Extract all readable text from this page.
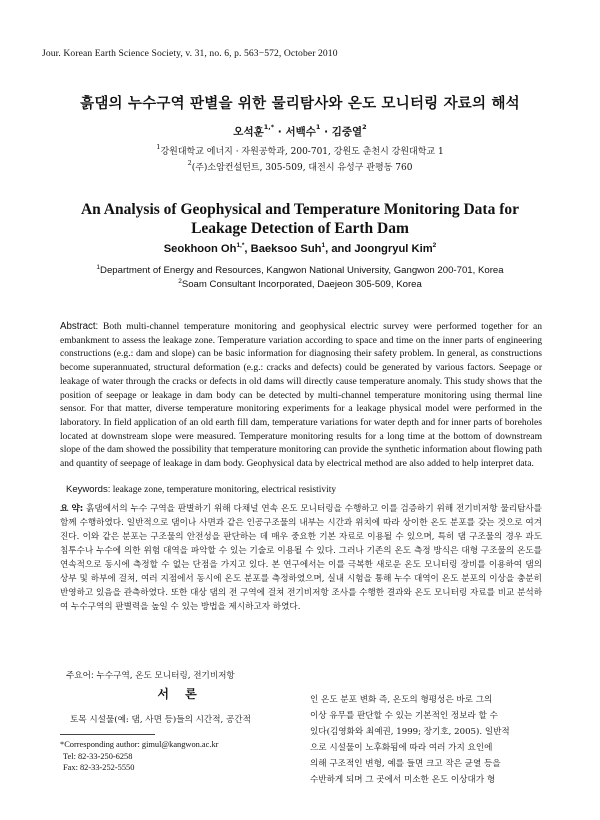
Jour. Korean Earth Science Society, v. 31, no. 6, p. 563−572, October 2010
흙댐의 누수구역 판별을 위한 물리탐사와 온도 모니터링 자료의 해석
오석훈$^{1,*}$ · 서백수$^1$ · 김중열$^2$
$^1$강원대학교 에너지 · 자원공학과, 200-701, 강원도 춘천시 강원대학교 1
$^2$(주)소암컨설턴트, 305-509, 대전시 유성구 관평동 760
An Analysis of Geophysical and Temperature Monitoring Data for
Leakage Detection of Earth Dam
Seokhoon $Oh^{1,*}$, Baeksoo Suh$^1$, and Joongryul Kim$^2$
$^1$Department of Energy and Resources, Kangwon National University, Gangwon 200-701, Korea
$^2$Soam Consultant Incorporated, Daejeon 305-509, Korea
Abstract: Both multi-channel temperature monitoring and geophysical electric survey were performed together for an embankment to assess the leakage zone. Temperature variation according to space and time on the inner parts of engineering constructions (e.g.: dam and slope) can be basic information for diagnosing their safety problem. In general, as constructions become superannuated, structural deformation (e.g.: cracks and defects) could be generated by various factors. Seepage or leakage of water through the cracks or defects in old dams will directly cause temperature anomaly. This study shows that the position of seepage or leakage in dam body can be detected by multi-channel temperature monitoring using thermal line sensor. For that matter, diverse temperature monitoring experiments for a leakage physical model were performed in the laboratory. In field application of an old earth fill dam, temperature variations for water depth and for inner parts of boreholes located at downstream slope were measured. Temperature monitoring results for a long time at the bottom of downstream slope of the dam showed the possibility that temperature monitoring can provide the synthetic information about flowing path and quantity of seepage of leakage in dam body. Geophysical data by electrical method are also added to help interpret data.
Keywords: leakage zone, temperature monitoring, electrical resistivity
요 약: 흙댐에서의 누수 구역을 판별하기 위해 다채널 연속 온도 모니터링을 수행하고 이를 검증하기 위해 전기비저항 물리탐사를 함께 수행하였다. 일반적으로 댐이나 사면과 같은 인공구조물의 내부는 시간과 위치에 따라 상이한 온도 분포를 갖는 것으로 여겨진다. 이와 같은 분포는 구조물의 안전성을 판단하는 데 매우 중요한 기본 자료로 이용될 수 있으며, 특히 댐 구조물의 경우 과도 침투수나 누수에 의한 위험 대역을 파악할 수 있는 기술로 이용될 수 있다. 그러나 기존의 온도 측정 방식은 대형 구조물의 온도를 연속적으로 동시에 측정할 수 없는 단점을 가지고 있다. 본 연구에서는 이를 극복한 새로운 온도 모니터링 장비를 이용하여 댐의 상부 및 하부에 걸쳐, 여러 지점에서 동시에 온도 분포를 측정하였으며, 실내 시험을 통해 누수 대역이 온도 분포의 이상을 충분히 반영하고 있음을 관측하였다. 또한 대상 댐의 전 구역에 걸쳐 전기비저항 조사를 수행한 결과와 온도 모니터링 자료를 비교 분석하여 누수구역의 판별력을 높일 수 있는 방법을 제시하고자 하였다.
주요어: 누수구역, 온도 모니터링, 전기비저항
서 론
토목 시설물(예: 댐, 사면 등)들의 시간적, 공간적
*Corresponding author: gimul@kangwon.ac.kr
Tel: 82-33-250-6258
Fax: 82-33-252-5550
인 온도 분포 변화 즉, 온도의 형평성은 바로 그의
이상 유무를 판단할 수 있는 기본적인 정보라 할 수
있다(김영화와 최예권, 1999; 장기호, 2005). 일반적
으로 시설물이 노후화됨에 따라 여러 가지 요인에
의해 구조적인 변형, 예를 들면 크고 작은 균열 등을
수반하게 되며 그 곳에서 미소한 온도 이상대가 형
